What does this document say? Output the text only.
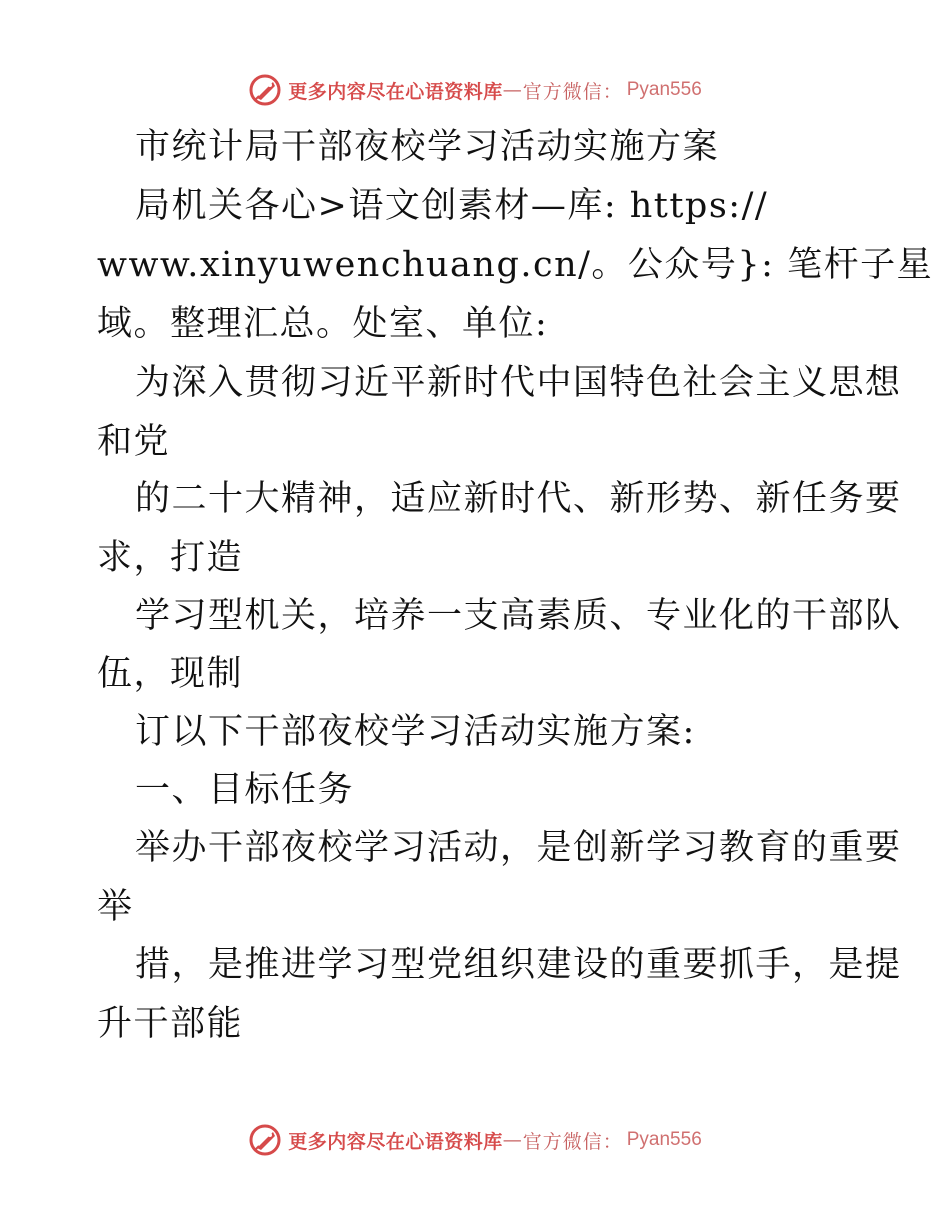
更多内容尽在心语资料库 — 官方微信： Pyan556
市统计局干部夜校学习活动实施方案
局机关各心>语文创素材—库: https://
www.xinyuwenchuang.cn/。公众号}: 笔杆子星
域。整理汇总。处室、单位:
为深入贯彻习近平新时代中国特色社会主义思想
和党
的二十大精神，适应新时代、新形势、新任务要
求，打造
学习型机关，培养一支高素质、专业化的干部队
伍，现制
订以下干部夜校学习活动实施方案:
一、目标任务
举办干部夜校学习活动，是创新学习教育的重要
举
措，是推进学习型党组织建设的重要抓手，是提
升干部能
更多内容尽在心语资料库 — 官方微信： Pyan556
